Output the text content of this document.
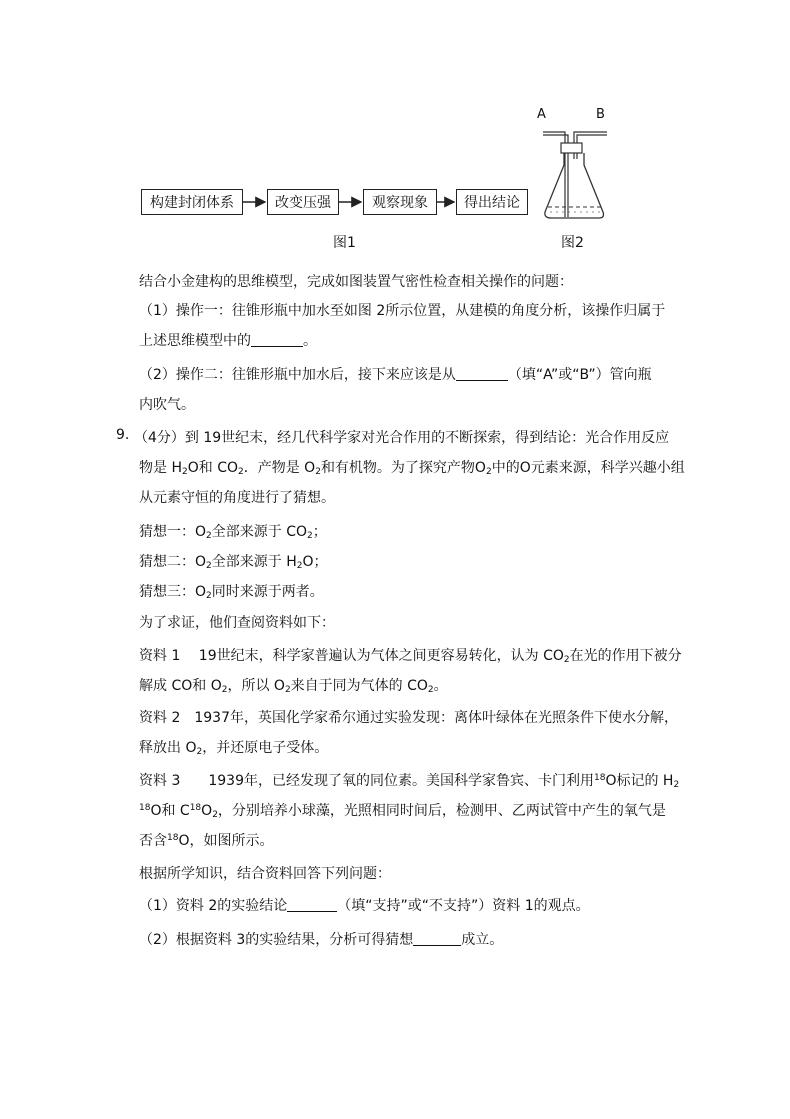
构建封闭体系	改变压强	观察现象	得出结论
图1
A	B
图2
结合小金建构的思维模型，完成如图装置气密性检查相关操作的问题：
（1）操作一：往锥形瓶中加水至如图 2所示位置，从建模的角度分析，该操作归属于
上述思维模型中的	。
（2）操作二：往锥形瓶中加水后，接下来应该是从	（填“A”或“B”）管向瓶
内吹气。
9. （4分）到 19世纪末，经几代科学家对光合作用的不断探索，得到结论：光合作用反应
物是 $H_2O$和 $CO_2$．产物是 $O_2$和有机物。为了探究产物$O_2$中的O元素来源，科学兴趣小组
从元素守恒的角度进行了猜想。
猜想一：$O_2$全部来源于 $CO_2$；
猜想二：$O_2$全部来源于 $H_2O$；
猜想三：$O_2$同时来源于两者。
为了求证，他们查阅资料如下：
资料 1　 19世纪末，科学家普遍认为气体之间更容易转化，认为 $CO_2$在光的作用下被分
解成 CO和 $O_2$，所以 $O_2$来自于同为气体的 $CO_2$。
资料 2　1937年，英国化学家希尔通过实验发现：离体叶绿体在光照条件下使水分解，
释放出 $O_2$，并还原电子受体。
资料 3　　1939年，已经发现了氧的同位素。美国科学家鲁宾、卡门利用$^{18}$O标记的 $H_2$
$^{18}$O和 $C^{18}O_2$，分别培养小球藻，光照相同时间后，检测甲、乙两试管中产生的氧气是
否含$^{18}$O，如图所示。
根据所学知识，结合资料回答下列问题：
（1）资料 2的实验结论	（填“支持”或“不支持”）资料 1的观点。
（2）根据资料 3的实验结果，分析可得猜想	成立。
